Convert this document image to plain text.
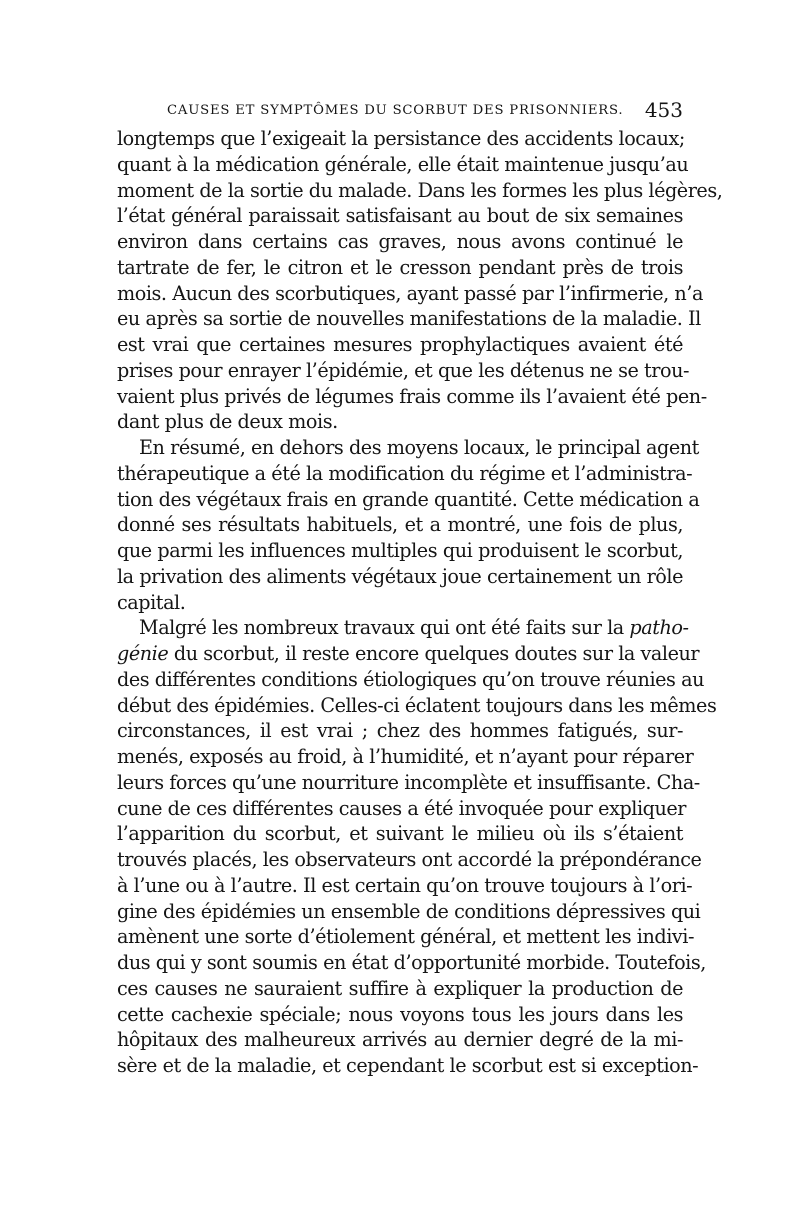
CAUSES ET SYMPTÔMES DU SCORBUT DES PRISONNIERS. 453
longtemps que l’exigeait la persistance des accidents locaux;
quant à la médication générale, elle était maintenue jusqu’au
moment de la sortie du malade. Dans les formes les plus légères,
l’état général paraissait satisfaisant au bout de six semaines
environ dans certains cas graves, nous avons continué le
tartrate de fer, le citron et le cresson pendant près de trois
mois. Aucun des scorbutiques, ayant passé par l’infirmerie, n’a
eu après sa sortie de nouvelles manifestations de la maladie. Il
est vrai que certaines mesures prophylactiques avaient été
prises pour enrayer l’épidémie, et que les détenus ne se trou-
vaient plus privés de légumes frais comme ils l’avaient été pen-
dant plus de deux mois.
En résumé, en dehors des moyens locaux, le principal agent
thérapeutique a été la modification du régime et l’administra-
tion des végétaux frais en grande quantité. Cette médication a
donné ses résultats habituels, et a montré, une fois de plus,
que parmi les influences multiples qui produisent le scorbut,
la privation des aliments végétaux joue certainement un rôle
capital.
Malgré les nombreux travaux qui ont été faits sur la patho-
génie du scorbut, il reste encore quelques doutes sur la valeur
des différentes conditions étiologiques qu’on trouve réunies au
début des épidémies. Celles-ci éclatent toujours dans les mêmes
circonstances, il est vrai ; chez des hommes fatigués, sur-
menés, exposés au froid, à l’humidité, et n’ayant pour réparer
leurs forces qu’une nourriture incomplète et insuffisante. Cha-
cune de ces différentes causes a été invoquée pour expliquer
l’apparition du scorbut, et suivant le milieu où ils s’étaient
trouvés placés, les observateurs ont accordé la prépondérance
à l’une ou à l’autre. Il est certain qu’on trouve toujours à l’ori-
gine des épidémies un ensemble de conditions dépressives qui
amènent une sorte d’étiolement général, et mettent les indivi-
dus qui y sont soumis en état d’opportunité morbide. Toutefois,
ces causes ne sauraient suffire à expliquer la production de
cette cachexie spéciale; nous voyons tous les jours dans les
hôpitaux des malheureux arrivés au dernier degré de la mi-
sère et de la maladie, et cependant le scorbut est si exception-
